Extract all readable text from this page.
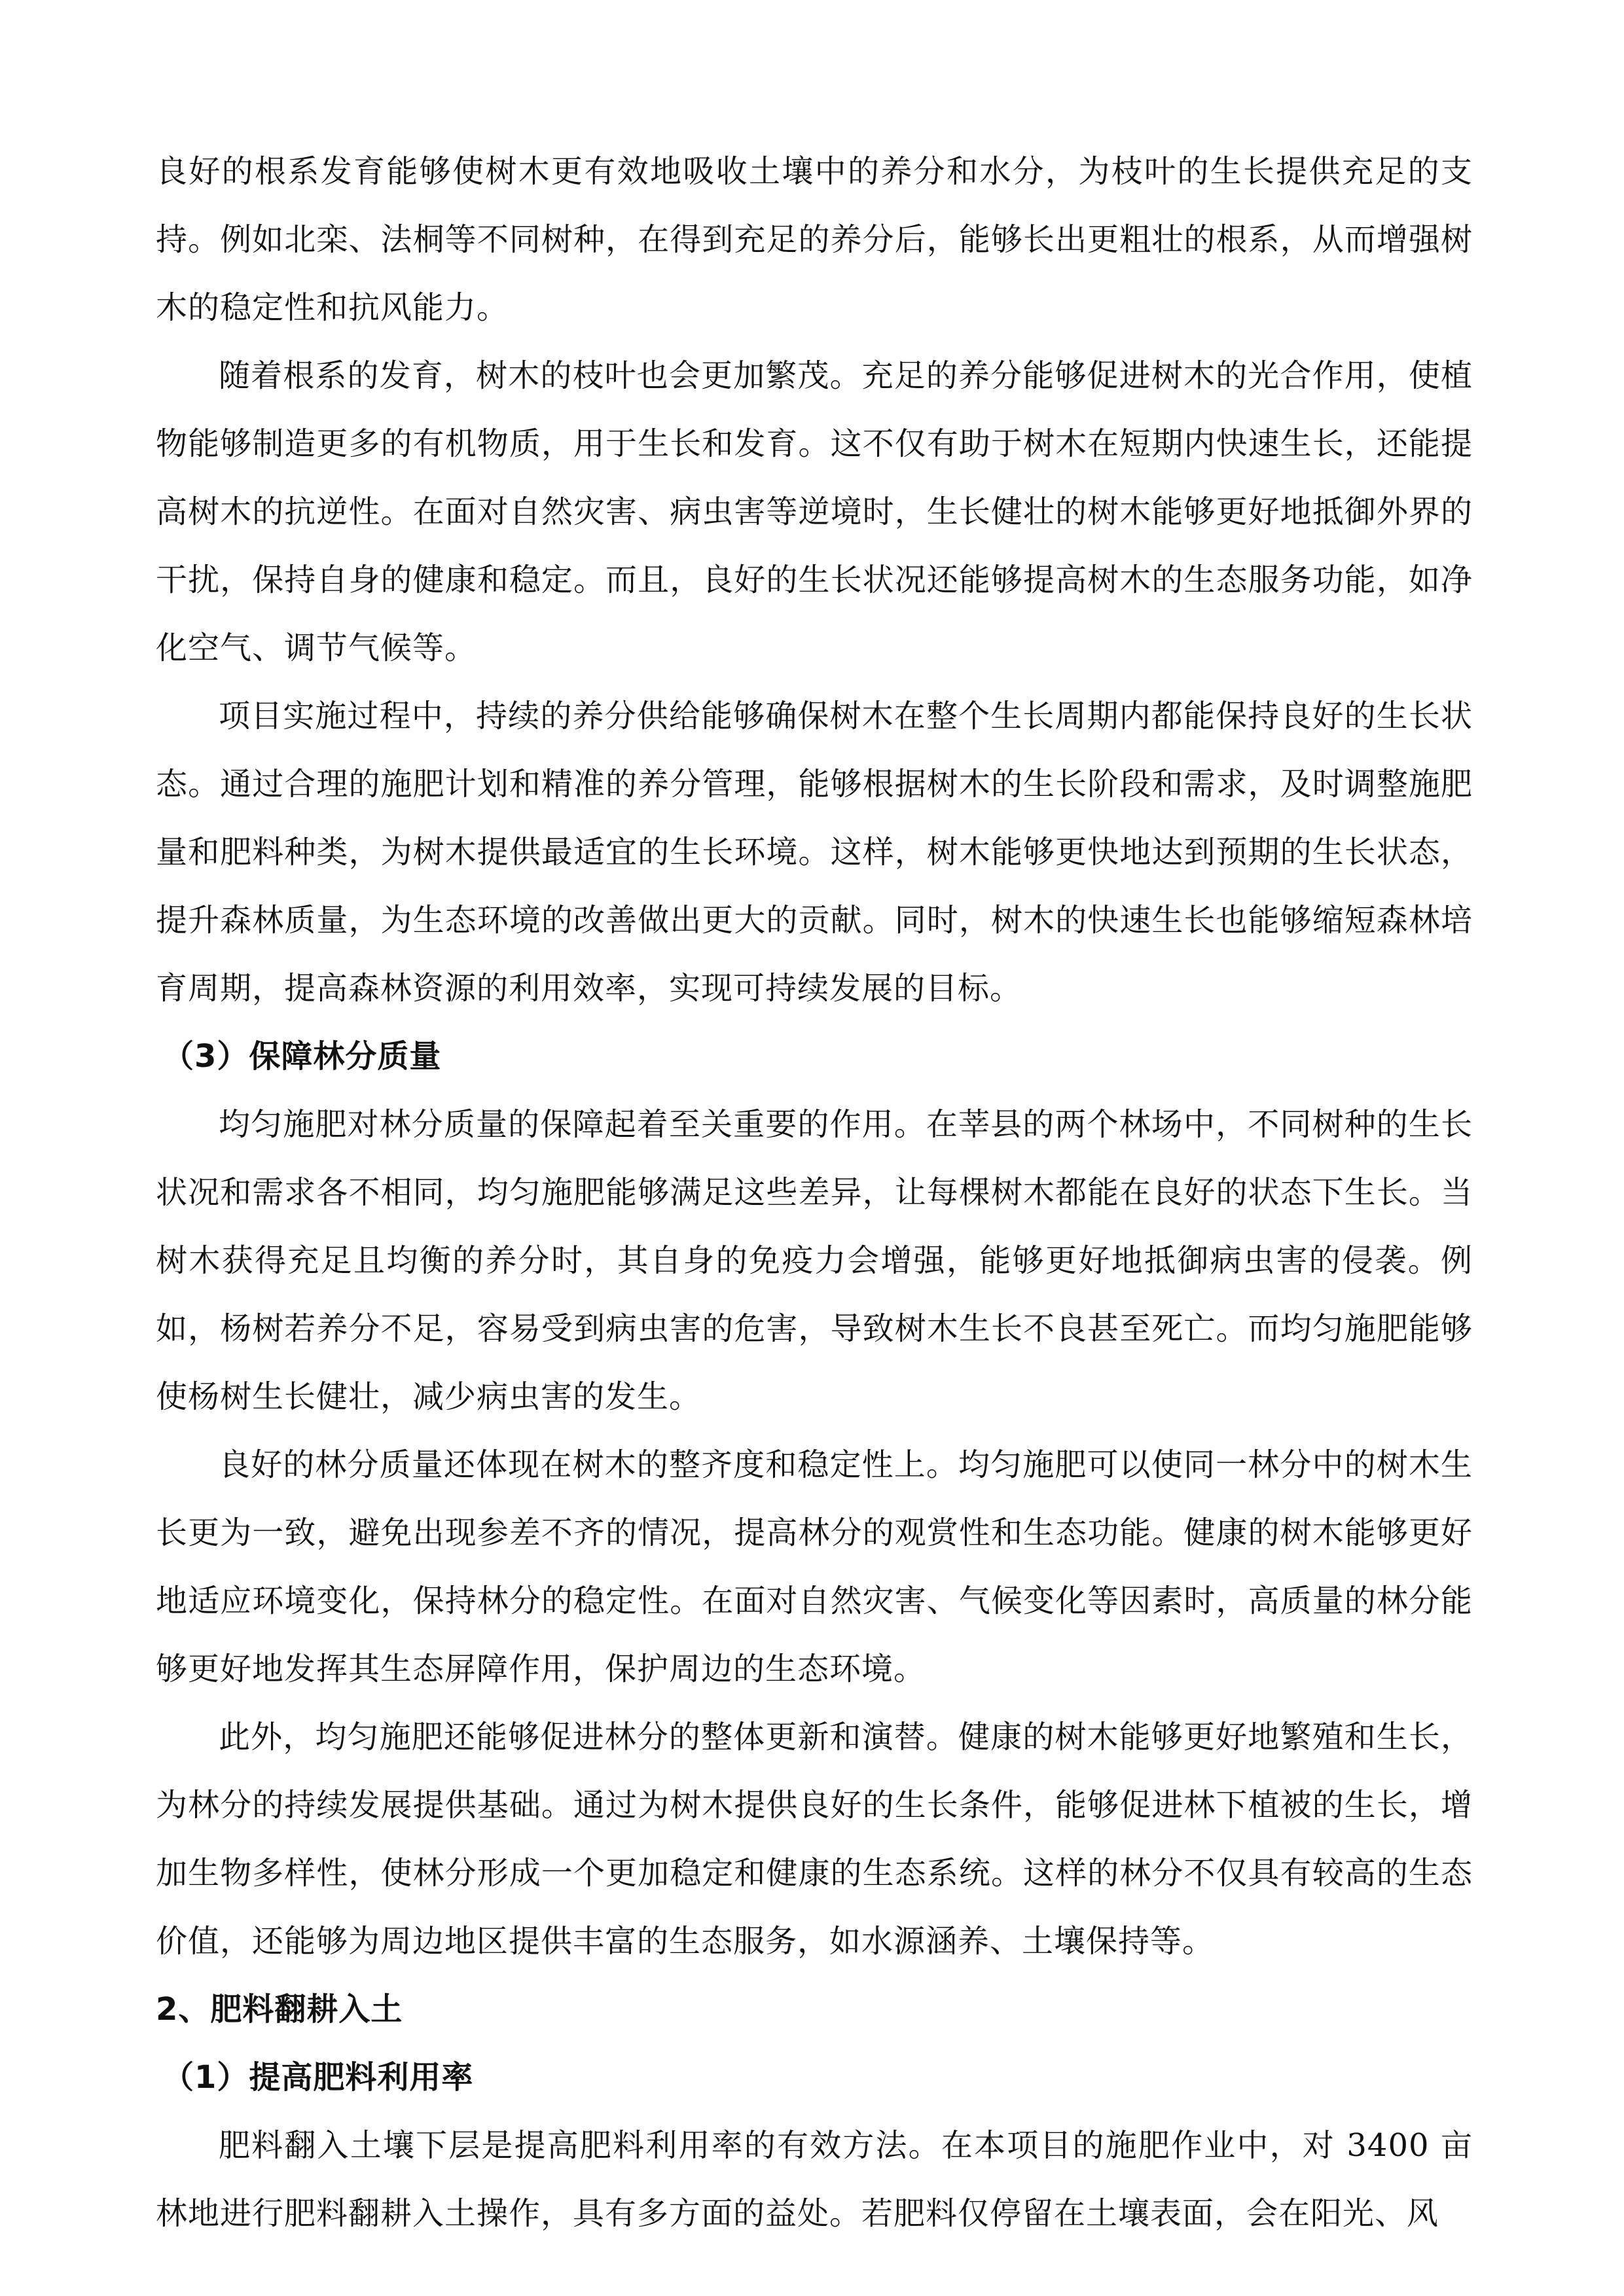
良好的根系发育能够使树木更有效地吸收土壤中的养分和水分，为枝叶的生长提供充足的支持。例如北栾、法桐等不同树种，在得到充足的养分后，能够长出更粗壮的根系，从而增强树木的稳定性和抗风能力。

随着根系的发育，树木的枝叶也会更加繁茂。充足的养分能够促进树木的光合作用，使植物能够制造更多的有机物质，用于生长和发育。这不仅有助于树木在短期内快速生长，还能提高树木的抗逆性。在面对自然灾害、病虫害等逆境时，生长健壮的树木能够更好地抵御外界的干扰，保持自身的健康和稳定。而且，良好的生长状况还能够提高树木的生态服务功能，如净化空气、调节气候等。

项目实施过程中，持续的养分供给能够确保树木在整个生长周期内都能保持良好的生长状态。通过合理的施肥计划和精准的养分管理，能够根据树木的生长阶段和需求，及时调整施肥量和肥料种类，为树木提供最适宜的生长环境。这样，树木能够更快地达到预期的生长状态，提升森林质量，为生态环境的改善做出更大的贡献。同时，树木的快速生长也能够缩短森林培育周期，提高森林资源的利用效率，实现可持续发展的目标。

（3）保障林分质量

均匀施肥对林分质量的保障起着至关重要的作用。在莘县的两个林场中，不同树种的生长状况和需求各不相同，均匀施肥能够满足这些差异，让每棵树木都能在良好的状态下生长。当树木获得充足且均衡的养分时，其自身的免疫力会增强，能够更好地抵御病虫害的侵袭。例如，杨树若养分不足，容易受到病虫害的危害，导致树木生长不良甚至死亡。而均匀施肥能够使杨树生长健壮，减少病虫害的发生。

良好的林分质量还体现在树木的整齐度和稳定性上。均匀施肥可以使同一林分中的树木生长更为一致，避免出现参差不齐的情况，提高林分的观赏性和生态功能。健康的树木能够更好地适应环境变化，保持林分的稳定性。在面对自然灾害、气候变化等因素时，高质量的林分能够更好地发挥其生态屏障作用，保护周边的生态环境。

此外，均匀施肥还能够促进林分的整体更新和演替。健康的树木能够更好地繁殖和生长，为林分的持续发展提供基础。通过为树木提供良好的生长条件，能够促进林下植被的生长，增加生物多样性，使林分形成一个更加稳定和健康的生态系统。这样的林分不仅具有较高的生态价值，还能够为周边地区提供丰富的生态服务，如水源涵养、土壤保持等。

2、肥料翻耕入土
（1）提高肥料利用率

肥料翻入土壤下层是提高肥料利用率的有效方法。在本项目的施肥作业中，对 3400 亩林地进行肥料翻耕入土操作，具有多方面的益处。若肥料仅停留在土壤表面，会在阳光、风
